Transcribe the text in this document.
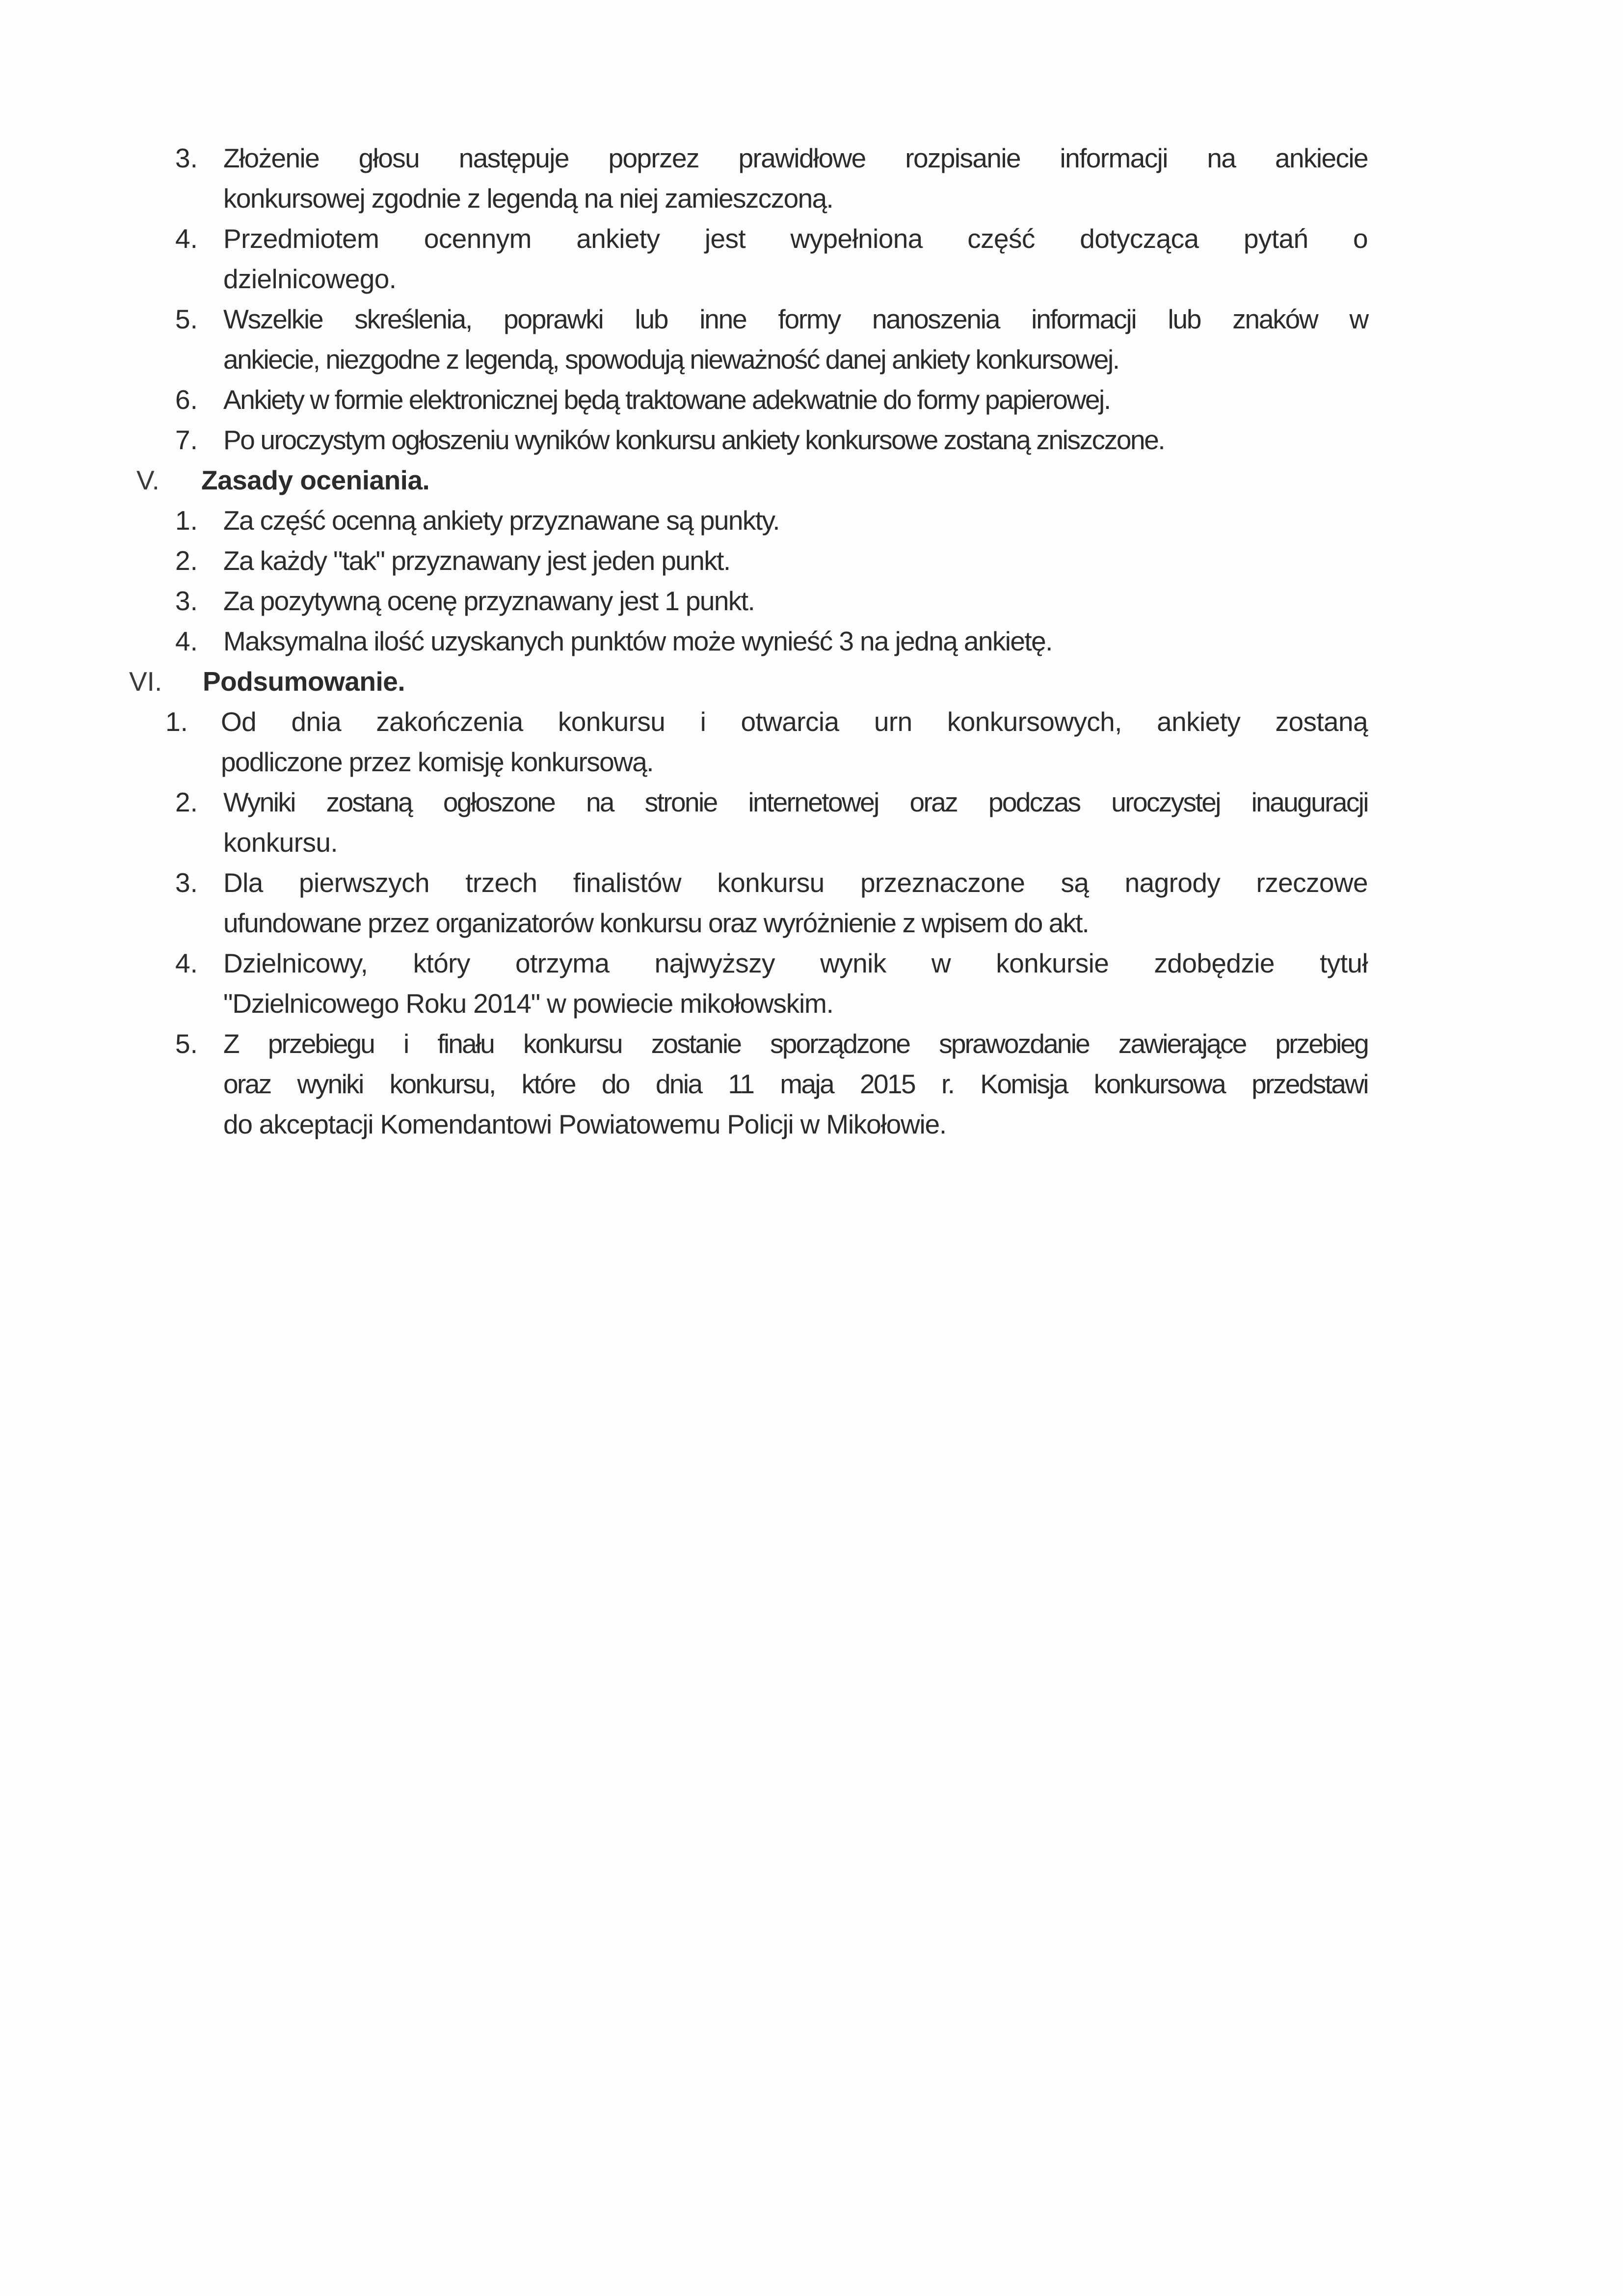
3. Złożenie głosu następuje poprzez prawidłowe rozpisanie informacji na ankiecie
konkursowej zgodnie z legendą na niej zamieszczoną.
4. Przedmiotem ocennym ankiety jest wypełniona część dotycząca pytań o
dzielnicowego.
5. Wszelkie skreślenia, poprawki lub inne formy nanoszenia informacji lub znaków w
ankiecie, niezgodne z legendą, spowodują nieważność danej ankiety konkursowej.
6. Ankiety w formie elektronicznej będą traktowane adekwatnie do formy papierowej.
7. Po uroczystym ogłoszeniu wyników konkursu ankiety konkursowe zostaną zniszczone.
V. Zasady oceniania.
1. Za część ocenną ankiety przyznawane są punkty.
2. Za każdy "tak" przyznawany jest jeden punkt.
3. Za pozytywną ocenę przyznawany jest 1 punkt.
4. Maksymalna ilość uzyskanych punktów może wynieść 3 na jedną ankietę.
VI. Podsumowanie.
1. Od dnia zakończenia konkursu i otwarcia urn konkursowych, ankiety zostaną
podliczone przez komisję konkursową.
2. Wyniki zostaną ogłoszone na stronie internetowej oraz podczas uroczystej inauguracji
konkursu.
3. Dla pierwszych trzech finalistów konkursu przeznaczone są nagrody rzeczowe
ufundowane przez organizatorów konkursu oraz wyróżnienie z wpisem do akt.
4. Dzielnicowy, który otrzyma najwyższy wynik w konkursie zdobędzie tytuł
"Dzielnicowego Roku 2014" w powiecie mikołowskim.
5. Z przebiegu i finału konkursu zostanie sporządzone sprawozdanie zawierające przebieg
oraz wyniki konkursu, które do dnia 11 maja 2015 r. Komisja konkursowa przedstawi
do akceptacji Komendantowi Powiatowemu Policji w Mikołowie.
